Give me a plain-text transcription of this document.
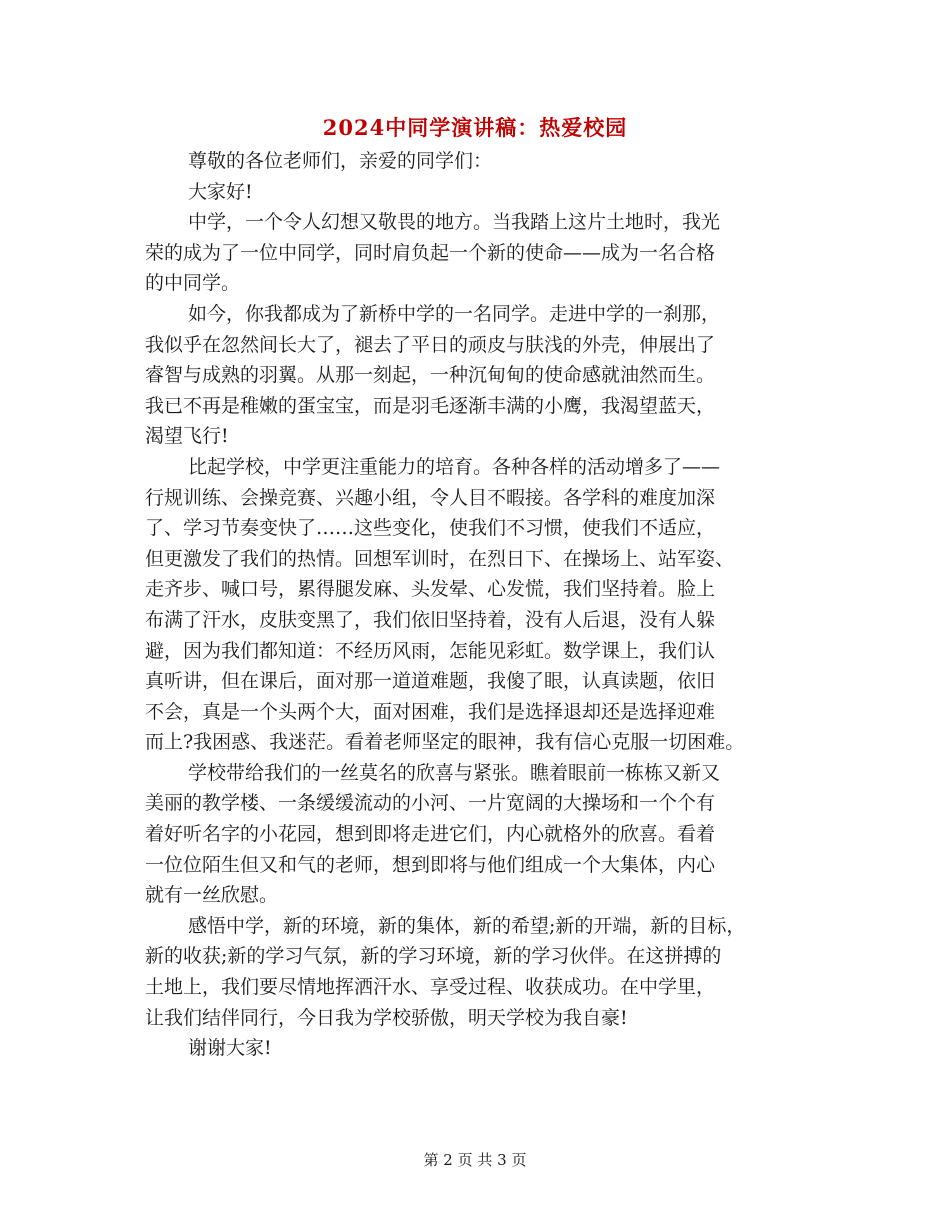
2024中同学演讲稿：热爱校园
尊敬的各位老师们，亲爱的同学们：
大家好!
中学，一个令人幻想又敬畏的地方。当我踏上这片土地时，我光
荣的成为了一位中同学，同时肩负起一个新的使命——成为一名合格
的中同学。
如今，你我都成为了新桥中学的一名同学。走进中学的一刹那，
我似乎在忽然间长大了，褪去了平日的顽皮与肤浅的外壳，伸展出了
睿智与成熟的羽翼。从那一刻起，一种沉甸甸的使命感就油然而生。
我已不再是稚嫩的蛋宝宝，而是羽毛逐渐丰满的小鹰，我渴望蓝天，
渴望飞行!
比起学校，中学更注重能力的培育。各种各样的活动增多了——
行规训练、会操竞赛、兴趣小组，令人目不暇接。各学科的难度加深
了、学习节奏变快了……这些变化，使我们不习惯，使我们不适应，
但更激发了我们的热情。回想军训时，在烈日下、在操场上、站军姿、
走齐步、喊口号，累得腿发麻、头发晕、心发慌，我们坚持着。脸上
布满了汗水，皮肤变黑了，我们依旧坚持着，没有人后退，没有人躲
避，因为我们都知道：不经历风雨，怎能见彩虹。数学课上，我们认
真听讲，但在课后，面对那一道道难题，我傻了眼，认真读题，依旧
不会，真是一个头两个大，面对困难，我们是选择退却还是选择迎难
而上?我困惑、我迷茫。看着老师坚定的眼神，我有信心克服一切困难。
学校带给我们的一丝莫名的欣喜与紧张。瞧着眼前一栋栋又新又
美丽的教学楼、一条缓缓流动的小河、一片宽阔的大操场和一个个有
着好听名字的小花园，想到即将走进它们，内心就格外的欣喜。看着
一位位陌生但又和气的老师，想到即将与他们组成一个大集体，内心
就有一丝欣慰。
感悟中学，新的环境，新的集体，新的希望;新的开端，新的目标，
新的收获;新的学习气氛，新的学习环境，新的学习伙伴。在这拼搏的
土地上，我们要尽情地挥洒汗水、享受过程、收获成功。在中学里，
让我们结伴同行，今日我为学校骄傲，明天学校为我自豪!
谢谢大家!
第 2 页 共 3 页
